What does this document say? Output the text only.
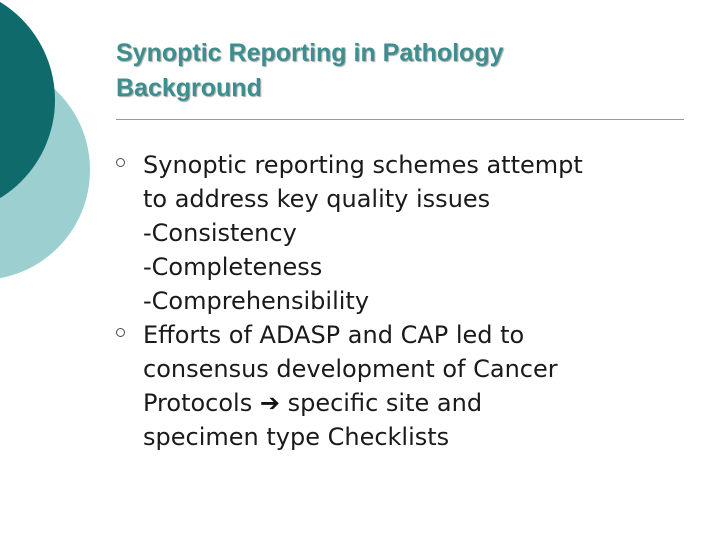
Synoptic Reporting in Pathology
Background
Synoptic reporting schemes attempt
to address key quality issues
-Consistency
-Completeness
-Comprehensibility
Efforts of ADASP and CAP led to
consensus development of Cancer
Protocols ➔ specific site and
specimen type Checklists
